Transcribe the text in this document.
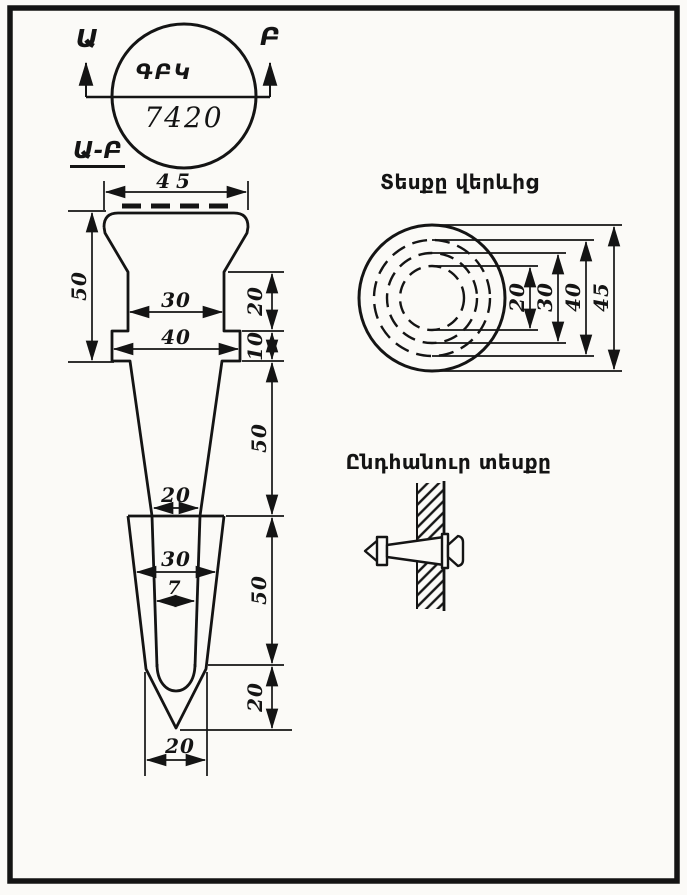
Ա	Բ
ԳԲԿ
7420
Ա-Բ
45
50	30
40
20
10
50
20
30
7	50
20
20
Տեսքը վերևից
20 30 40 45
Ընդհանուր տեսքը
